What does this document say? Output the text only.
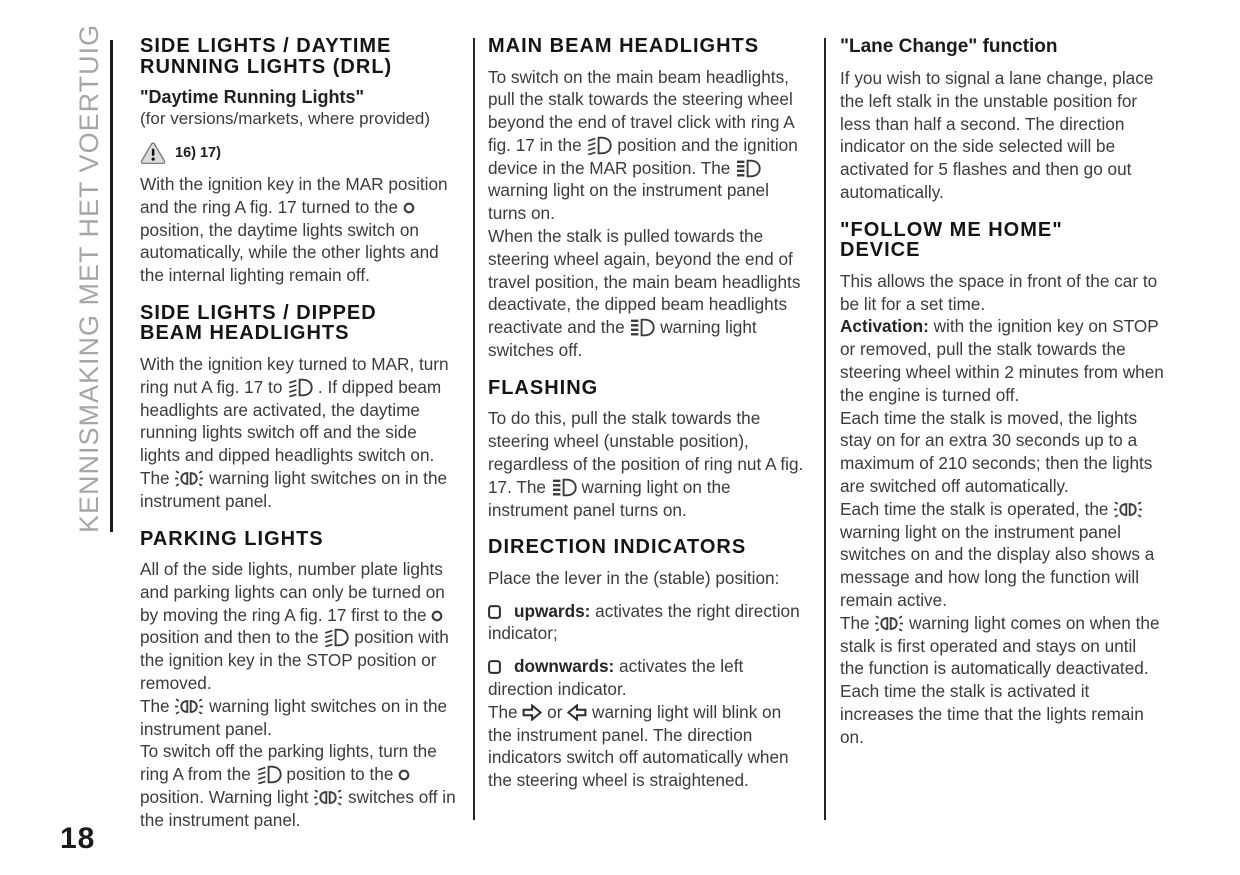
KENNISMAKING MET HET VOERTUIG SIDE LIGHTS / DAYTIME RUNNING LIGHTS (DRL)
"Daytime Running Lights"

(for versions/markets, where provided)

16) 17)

With the ignition key in the MAR position and the ring A fig. 17 turned to the  position, the daytime lights switch on automatically, while the other lights and the internal lighting remain off.

SIDE LIGHTS / DIPPED BEAM HEADLIGHTS

With the ignition key turned to MAR, turn ring nut A fig. 17 to  . If dipped beam headlights are activated, the daytime running lights switch off and the side lights and dipped headlights switch on. The  warning light switches on in the instrument panel.

PARKING LIGHTS

All of the side lights, number plate lights and parking lights can only be turned on by moving the ring A fig. 17 first to the  position and then to the  position with the ignition key in the STOP position or removed.

The  warning light switches on in the instrument panel.

To switch off the parking lights, turn the ring A from the  position to the  position. Warning light  switches off in the instrument panel.

MAIN BEAM HEADLIGHTS

To switch on the main beam headlights, pull the stalk towards the steering wheel beyond the end of travel click with ring A fig. 17 in the  position and the ignition device in the MAR position. The  warning light on the instrument panel turns on.

When the stalk is pulled towards the steering wheel again, beyond the end of travel position, the main beam headlights deactivate, the dipped beam headlights reactivate and the  warning light switches off.

FLASHING

To do this, pull the stalk towards the steering wheel (unstable position), regardless of the position of ring nut A fig. 17. The  warning light on the instrument panel turns on.

DIRECTION INDICATORS

Place the lever in the (stable) position:

upwards: activates the right direction indicator;

downwards: activates the left direction indicator.

The  or  warning light will blink on the instrument panel. The direction indicators switch off automatically when the steering wheel is straightened.

"Lane Change" function

If you wish to signal a lane change, place the left stalk in the unstable position for less than half a second. The direction indicator on the side selected will be activated for 5 flashes and then go out automatically.

"FOLLOW ME HOME" DEVICE

This allows the space in front of the car to be lit for a set time.

Activation: with the ignition key on STOP or removed, pull the stalk towards the steering wheel within 2 minutes from when the engine is turned off.

Each time the stalk is moved, the lights stay on for an extra 30 seconds up to a maximum of 210 seconds; then the lights are switched off automatically.

Each time the stalk is operated, the  warning light on the instrument panel switches on and the display also shows a message and how long the function will remain active.

The  warning light comes on when the stalk is first operated and stays on until the function is automatically deactivated. Each time the stalk is activated it increases the time that the lights remain on.

18
